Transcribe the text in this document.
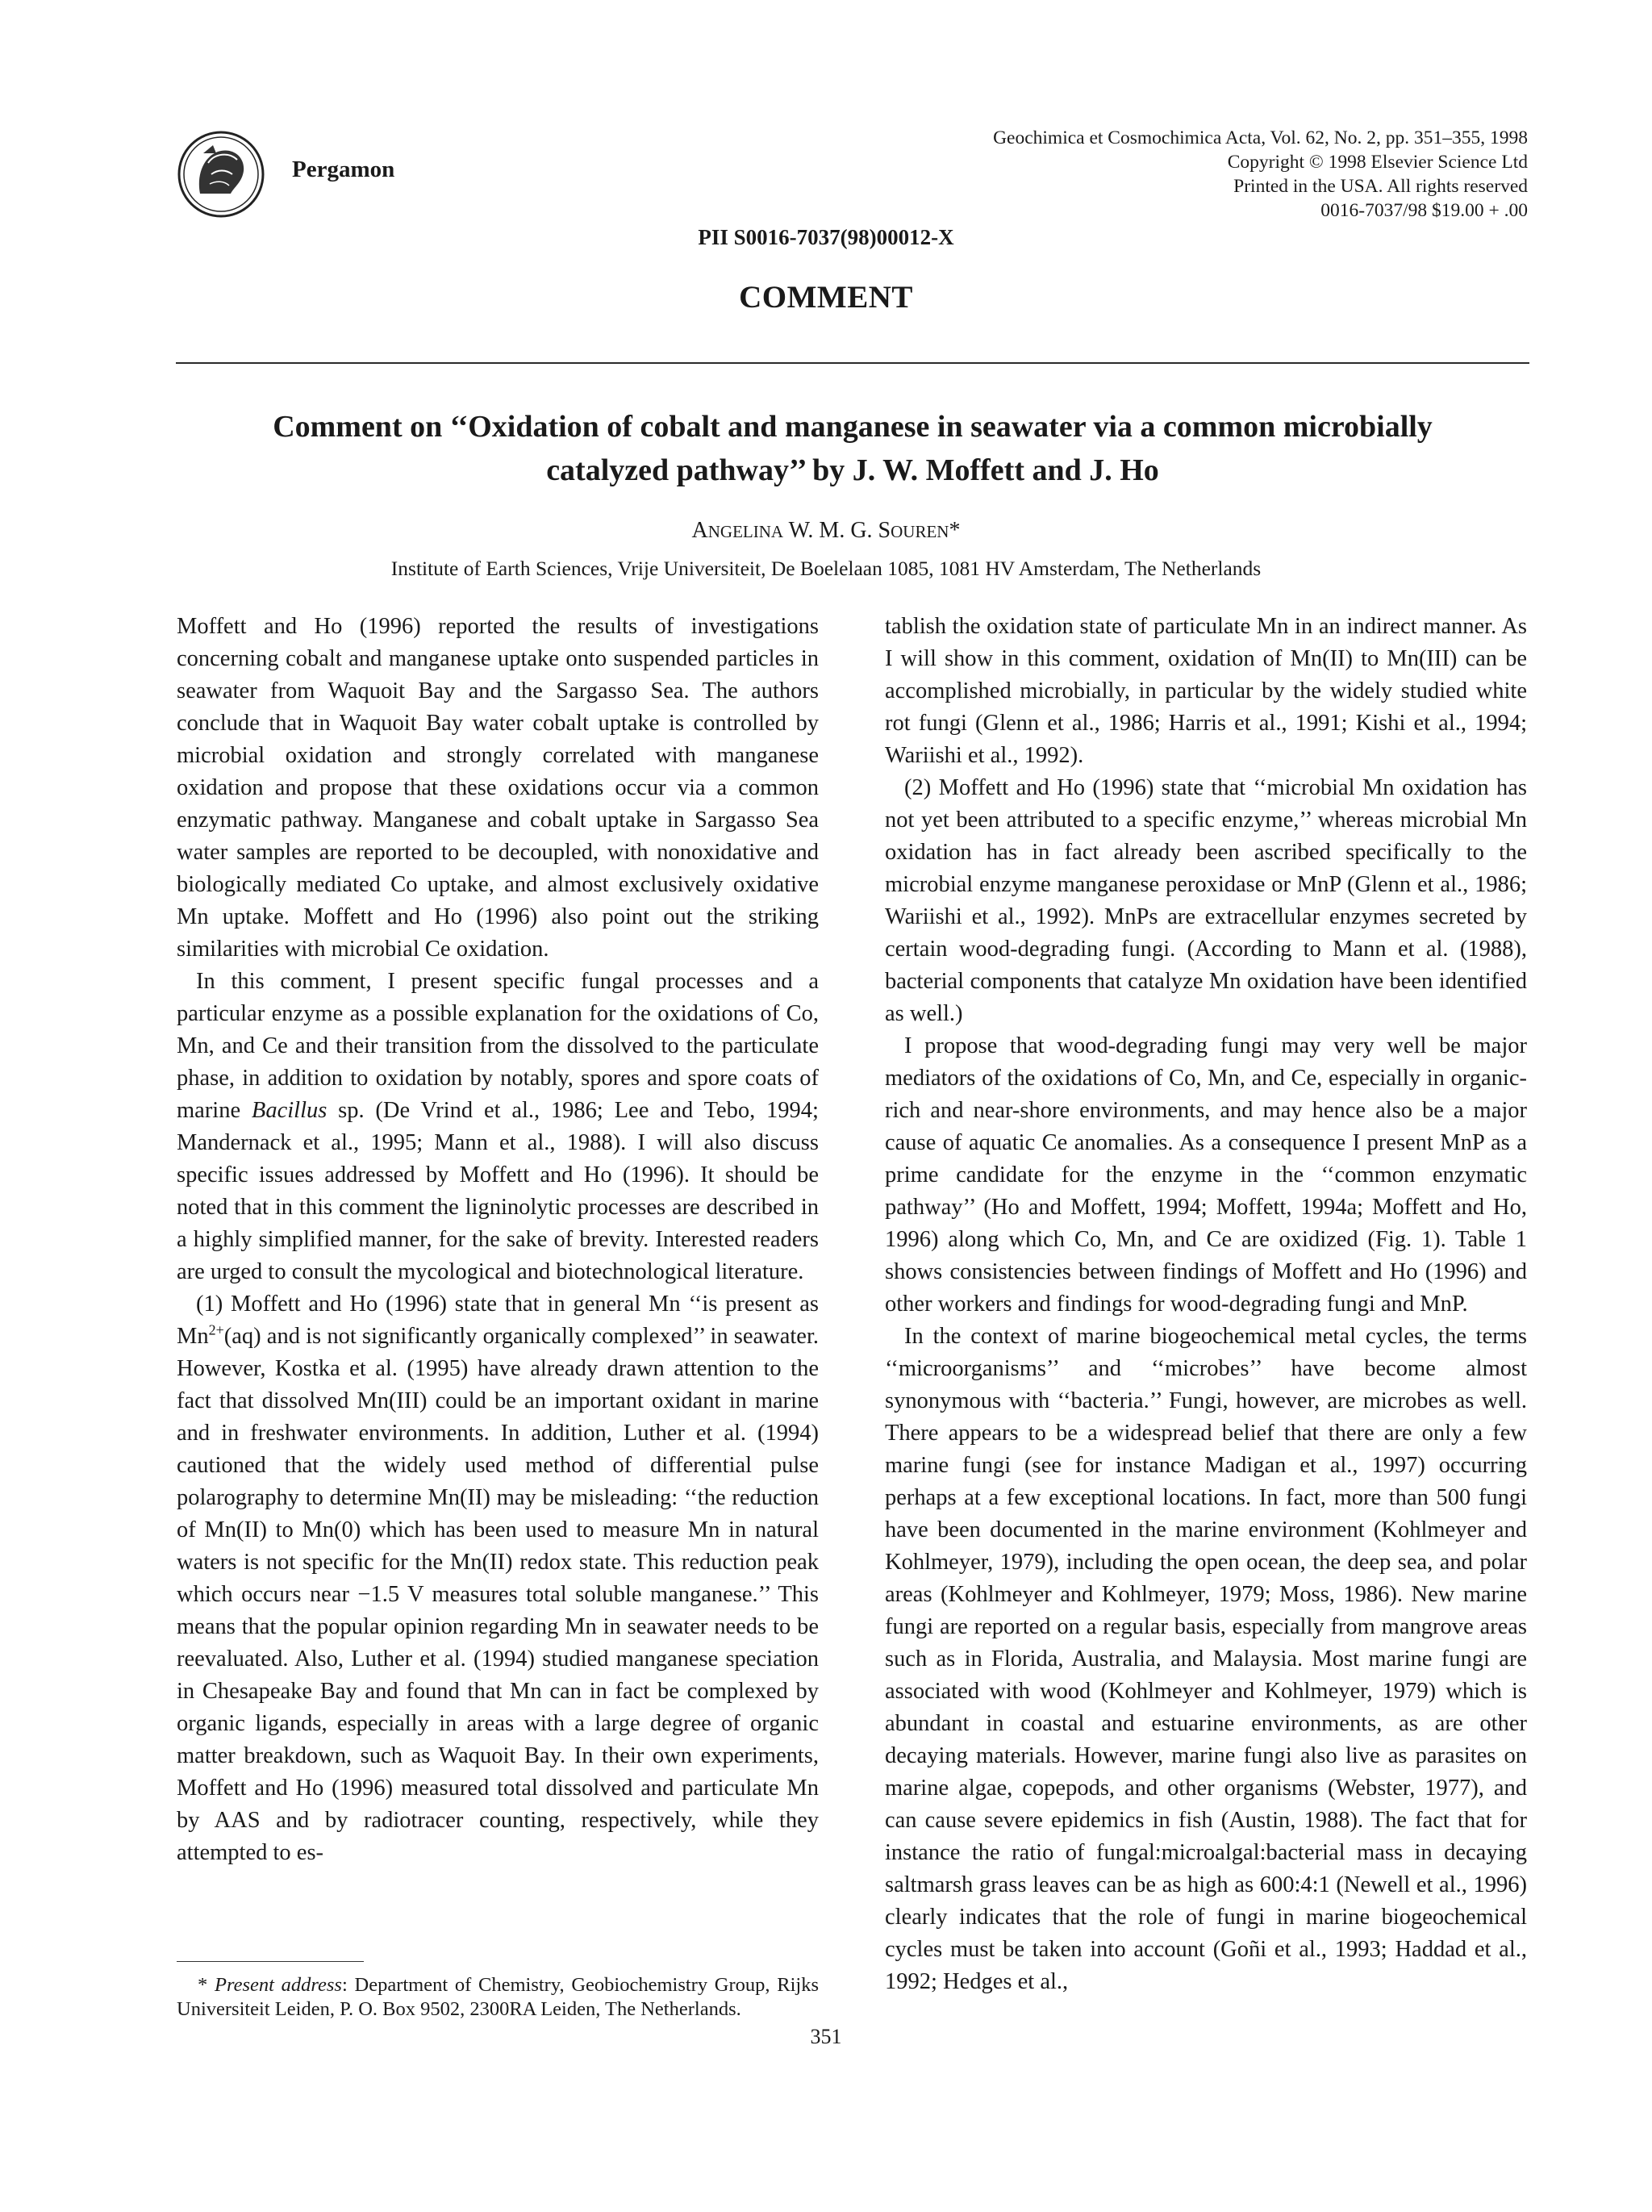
Pergamon
Geochimica et Cosmochimica Acta, Vol. 62, No. 2, pp. 351–355, 1998
Copyright © 1998 Elsevier Science Ltd
Printed in the USA. All rights reserved
0016-7037/98 $19.00 + .00
PII S0016-7037(98)00012-X
COMMENT
Comment on ‘‘Oxidation of cobalt and manganese in seawater via a common microbially
catalyzed pathway’’ by J. W. Moffett and J. Ho
ANGELINA W. M. G. SOUREN*
Institute of Earth Sciences, Vrije Universiteit, De Boelelaan 1085, 1081 HV Amsterdam, The Netherlands

Moffett and Ho (1996) reported the results of investigations concerning cobalt and manganese uptake onto suspended particles in seawater from Waquoit Bay and the Sargasso Sea. The authors conclude that in Waquoit Bay water cobalt uptake is controlled by microbial oxidation and strongly correlated with manganese oxidation and propose that these oxidations occur via a common enzymatic pathway. Manganese and cobalt uptake in Sargasso Sea water samples are reported to be decoupled, with nonoxidative and biologically mediated Co uptake, and almost exclusively oxidative Mn uptake. Moffett and Ho (1996) also point out the striking similarities with microbial Ce oxidation.

In this comment, I present specific fungal processes and a particular enzyme as a possible explanation for the oxidations of Co, Mn, and Ce and their transition from the dissolved to the particulate phase, in addition to oxidation by notably, spores and spore coats of marine Bacillus sp. (De Vrind et al., 1986; Lee and Tebo, 1994; Mandernack et al., 1995; Mann et al., 1988). I will also discuss specific issues addressed by Moffett and Ho (1996). It should be noted that in this comment the ligninolytic processes are described in a highly simplified manner, for the sake of brevity. Interested readers are urged to consult the mycological and biotechnological literature.

(1) Moffett and Ho (1996) state that in general Mn ‘‘is present as $Mn^{2+}(aq)$ and is not significantly organically complexed’’ in seawater. However, Kostka et al. (1995) have already drawn attention to the fact that dissolved Mn(III) could be an important oxidant in marine and in freshwater environments. In addition, Luther et al. (1994) cautioned that the widely used method of differential pulse polarography to determine Mn(II) may be misleading: ‘‘the reduction of Mn(II) to Mn(0) which has been used to measure Mn in natural waters is not specific for the Mn(II) redox state. This reduction peak which occurs near −1.5 V measures total soluble manganese.’’ This means that the popular opinion regarding Mn in seawater needs to be reevaluated. Also, Luther et al. (1994) studied manganese speciation in Chesapeake Bay and found that Mn can in fact be complexed by organic ligands, especially in areas with a large degree of organic matter breakdown, such as Waquoit Bay. In their own experiments, Moffett and Ho (1996) measured total dissolved and particulate Mn by AAS and by radiotracer counting, respectively, while they attempted to es-

tablish the oxidation state of particulate Mn in an indirect manner. As I will show in this comment, oxidation of Mn(II) to Mn(III) can be accomplished microbially, in particular by the widely studied white rot fungi (Glenn et al., 1986; Harris et al., 1991; Kishi et al., 1994; Wariishi et al., 1992).

(2) Moffett and Ho (1996) state that ‘‘microbial Mn oxidation has not yet been attributed to a specific enzyme,’’ whereas microbial Mn oxidation has in fact already been ascribed specifically to the microbial enzyme manganese peroxidase or MnP (Glenn et al., 1986; Wariishi et al., 1992). MnPs are extracellular enzymes secreted by certain wood-degrading fungi. (According to Mann et al. (1988), bacterial components that catalyze Mn oxidation have been identified as well.)

I propose that wood-degrading fungi may very well be major mediators of the oxidations of Co, Mn, and Ce, especially in organic-rich and near-shore environments, and may hence also be a major cause of aquatic Ce anomalies. As a consequence I present MnP as a prime candidate for the enzyme in the ‘‘common enzymatic pathway’’ (Ho and Moffett, 1994; Moffett, 1994a; Moffett and Ho, 1996) along which Co, Mn, and Ce are oxidized (Fig. 1). Table 1 shows consistencies between findings of Moffett and Ho (1996) and other workers and findings for wood-degrading fungi and MnP.

In the context of marine biogeochemical metal cycles, the terms ‘‘microorganisms’’ and ‘‘microbes’’ have become almost synonymous with ‘‘bacteria.’’ Fungi, however, are microbes as well. There appears to be a widespread belief that there are only a few marine fungi (see for instance Madigan et al., 1997) occurring perhaps at a few exceptional locations. In fact, more than 500 fungi have been documented in the marine environment (Kohlmeyer and Kohlmeyer, 1979), including the open ocean, the deep sea, and polar areas (Kohlmeyer and Kohlmeyer, 1979; Moss, 1986). New marine fungi are reported on a regular basis, especially from mangrove areas such as in Florida, Australia, and Malaysia. Most marine fungi are associated with wood (Kohlmeyer and Kohlmeyer, 1979) which is abundant in coastal and estuarine environments, as are other decaying materials. However, marine fungi also live as parasites on marine algae, copepods, and other organisms (Webster, 1977), and can cause severe epidemics in fish (Austin, 1988). The fact that for instance the ratio of fungal:microalgal:bacterial mass in decaying saltmarsh grass leaves can be as high as 600:4:1 (Newell et al., 1996) clearly indicates that the role of fungi in marine biogeochemical cycles must be taken into account (Goñi et al., 1993; Haddad et al., 1992; Hedges et al.,

* Present address: Department of Chemistry, Geobiochemistry Group, Rijks Universiteit Leiden, P. O. Box 9502, 2300RA Leiden, The Netherlands.
351
